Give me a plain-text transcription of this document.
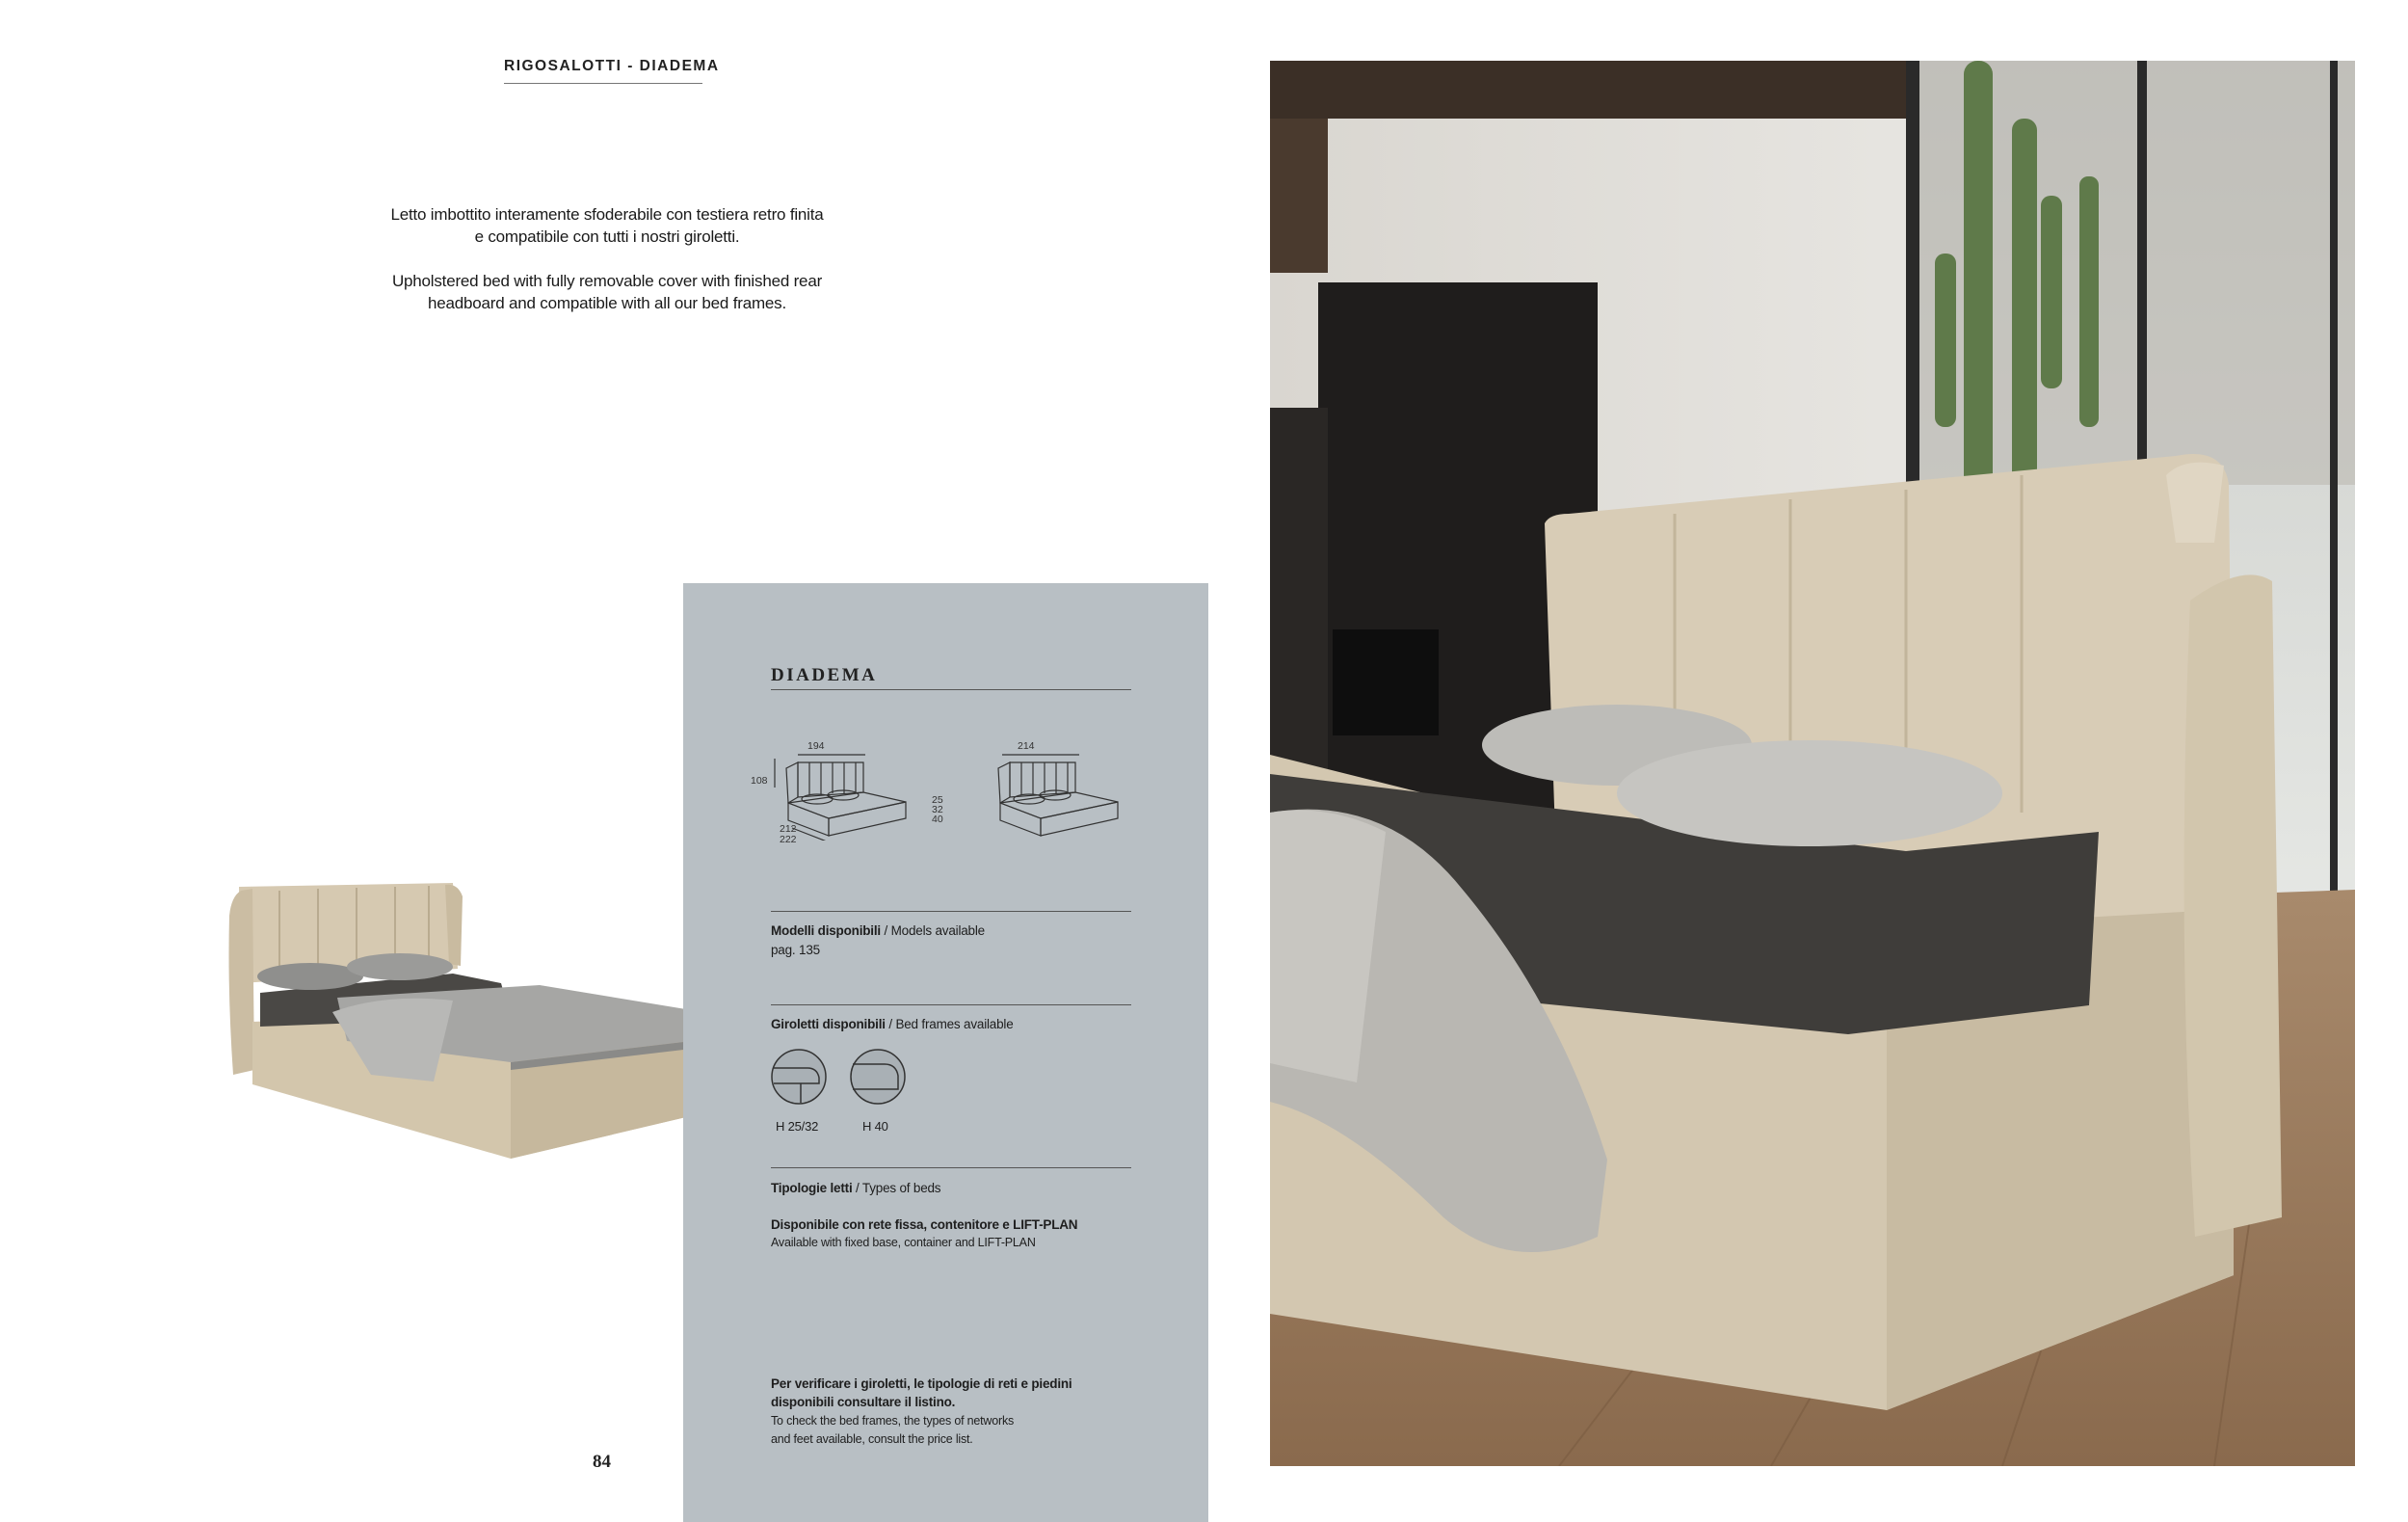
RIGOSALOTTI - DIADEMA
Letto imbottito interamente sfoderabile con testiera retro finita
e compatibile con tutti i nostri giroletti.
Upholstered bed with fully removable cover with finished rear
headboard and compatible with all our bed frames.
DIADEMA
194
108
212
222
25
32
40
214
Modelli disponibili / Models available
pag. 135
Giroletti disponibili / Bed frames available
H 25/32	H 40
Tipologie letti / Types of beds
Disponibile con rete fissa, contenitore e LIFT-PLAN
Available with fixed base, container and LIFT-PLAN
Per verificare i giroletti, le tipologie di reti e piedini
disponibili consultare il listino.
To check the bed frames, the types of networks
and feet available, consult the price list.
84
